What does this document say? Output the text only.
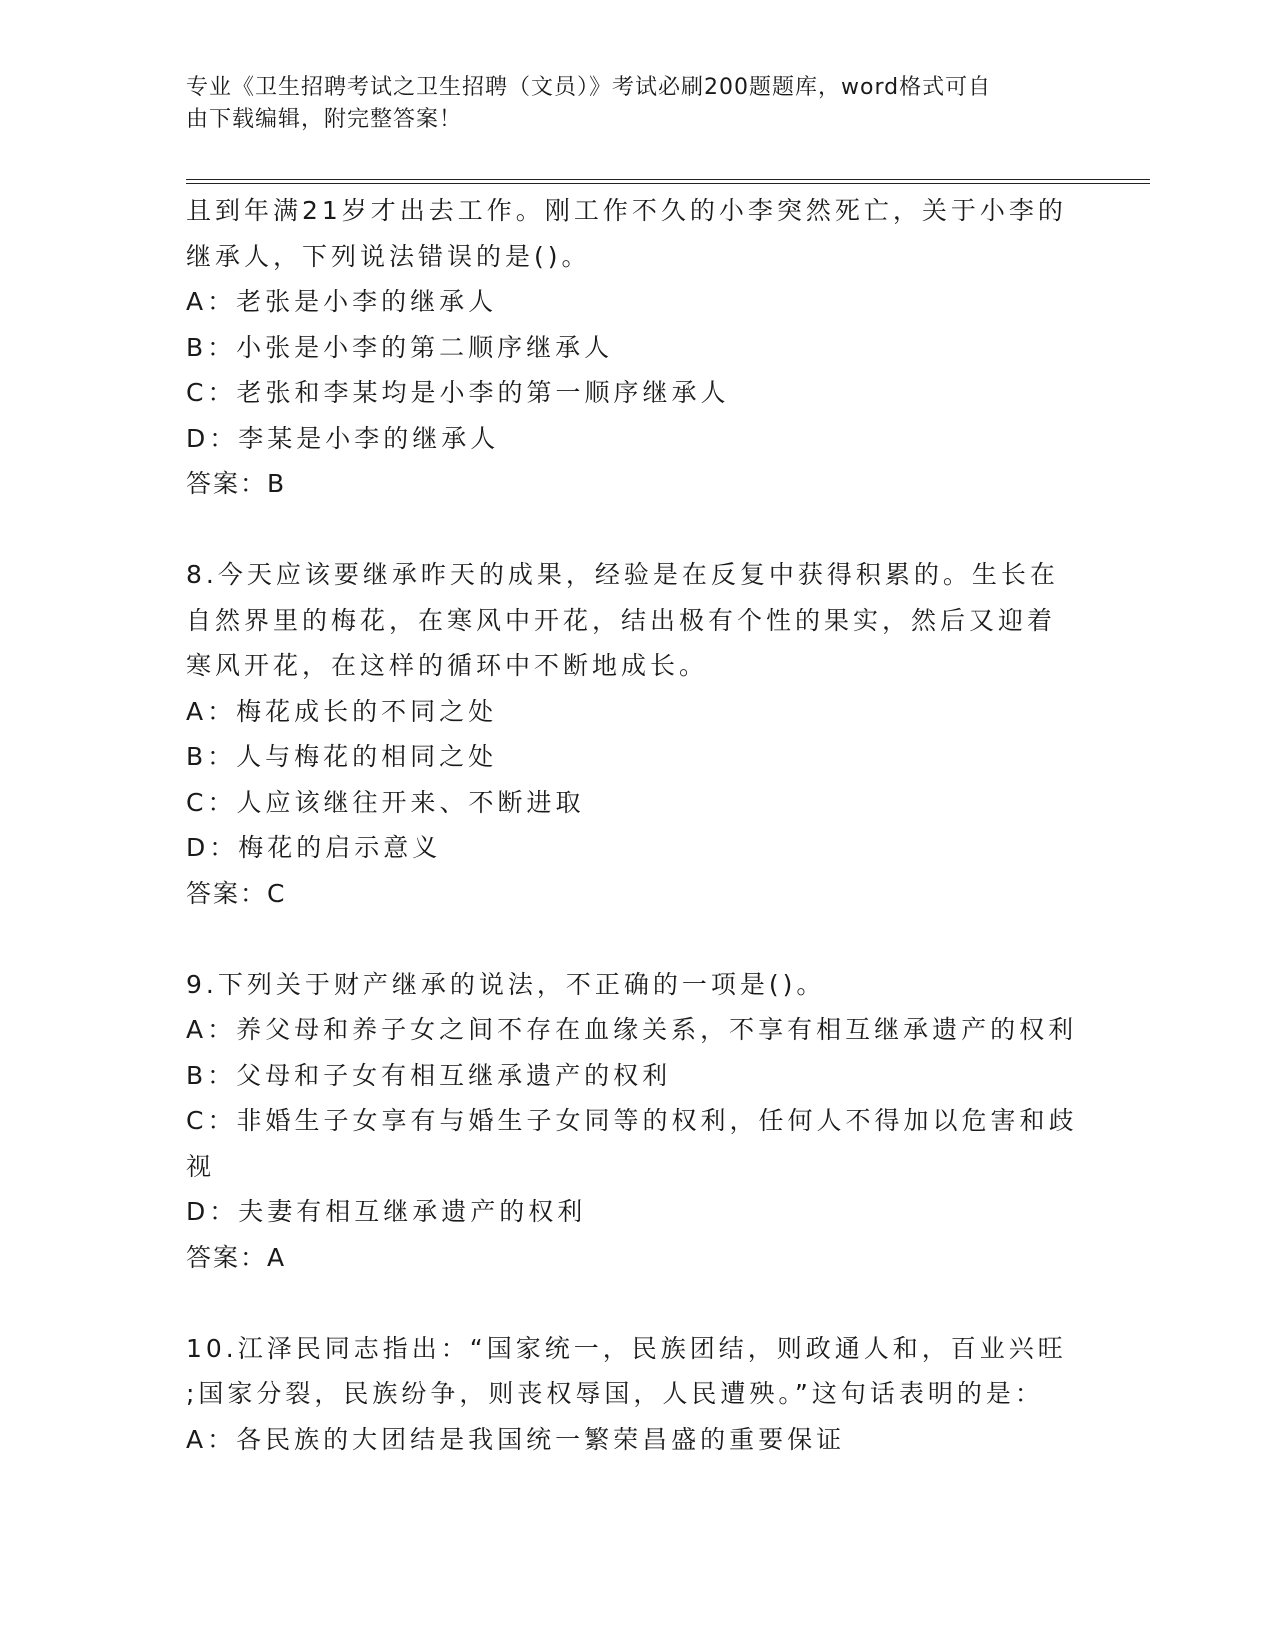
专业《卫生招聘考试之卫生招聘（文员）》考试必刷200题题库，word格式可自
由下载编辑，附完整答案！
且到年满21岁才出去工作。刚工作不久的小李突然死亡，关于小李的
继承人，下列说法错误的是()。
A：老张是小李的继承人
B：小张是小李的第二顺序继承人
C：老张和李某均是小李的第一顺序继承人
D：李某是小李的继承人
答案：B
8.今天应该要继承昨天的成果，经验是在反复中获得积累的。生长在
自然界里的梅花，在寒风中开花，结出极有个性的果实，然后又迎着
寒风开花，在这样的循环中不断地成长。
A：梅花成长的不同之处
B：人与梅花的相同之处
C：人应该继往开来、不断进取
D：梅花的启示意义
答案：C
9.下列关于财产继承的说法，不正确的一项是()。
A：养父母和养子女之间不存在血缘关系，不享有相互继承遗产的权利
B：父母和子女有相互继承遗产的权利
C：非婚生子女享有与婚生子女同等的权利，任何人不得加以危害和歧
视
D：夫妻有相互继承遗产的权利
答案：A
10.江泽民同志指出：“国家统一，民族团结，则政通人和，百业兴旺
;国家分裂，民族纷争，则丧权辱国，人民遭殃。”这句话表明的是：
A：各民族的大团结是我国统一繁荣昌盛的重要保证
